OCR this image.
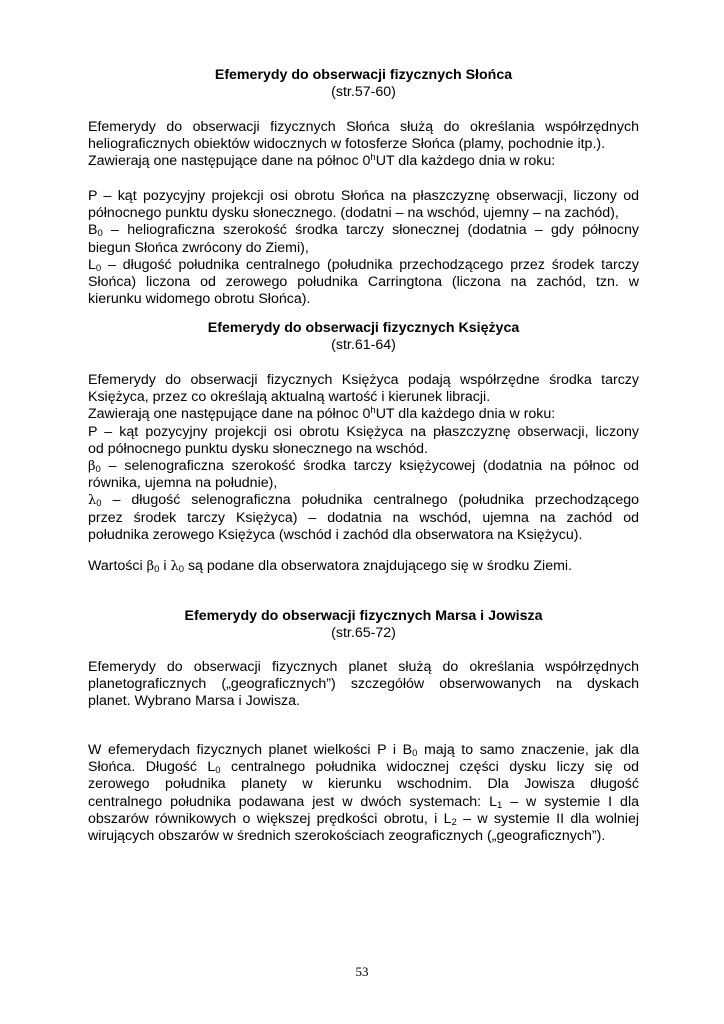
Efemerydy do obserwacji fizycznych Słońca
(str.57-60)
Efemerydy do obserwacji fizycznych Słońca służą do określania współrzędnych
heliograficznych obiektów widocznych w fotosferze Słońca (plamy, pochodnie itp.).
Zawierają one następujące dane na północ 0$^h$UT dla każdego dnia w roku:
P – kąt pozycyjny projekcji osi obrotu Słońca na płaszczyznę obserwacji, liczony od
północnego punktu dysku słonecznego. (dodatni – na wschód, ujemny – na zachód),
$B_0$ – heliograficzna szerokość środka tarczy słonecznej (dodatnia – gdy północny
biegun Słońca zwrócony do Ziemi),
$L_0$ – długość południka centralnego (południka przechodzącego przez środek tarczy
Słońca) liczona od zerowego południka Carringtona (liczona na zachód, tzn. w
kierunku widomego obrotu Słońca).
Efemerydy do obserwacji fizycznych Księżyca
(str.61-64)
Efemerydy do obserwacji fizycznych Księżyca podają współrzędne środka tarczy
Księżyca, przez co określają aktualną wartość i kierunek libracji.
Zawierają one następujące dane na północ 0$^h$UT dla każdego dnia w roku:
P – kąt pozycyjny projekcji osi obrotu Księżyca na płaszczyznę obserwacji, liczony
od północnego punktu dysku słonecznego na wschód.
$\beta_0$ – selenograficzna szerokość środka tarczy księżycowej (dodatnia na północ od
równika, ujemna na południe),
$\lambda_0$ – długość selenograficzna południka centralnego (południka przechodzącego
przez środek tarczy Księżyca) – dodatnia na wschód, ujemna na zachód od
południka zerowego Księżyca (wschód i zachód dla obserwatora na Księżycu).
Wartości $\beta_0$ i $\lambda_0$ są podane dla obserwatora znajdującego się w środku Ziemi.
Efemerydy do obserwacji fizycznych Marsa i Jowisza
(str.65-72)
Efemerydy do obserwacji fizycznych planet służą do określania współrzędnych
planetograficznych („geograficznych”) szczegółów obserwowanych na dyskach
planet. Wybrano Marsa i Jowisza.
W efemerydach fizycznych planet wielkości P i $B_0$ mają to samo znaczenie, jak dla
Słońca. Długość $L_0$ centralnego południka widocznej części dysku liczy się od
zerowego południka planety w kierunku wschodnim. Dla Jowisza długość
centralnego południka podawana jest w dwóch systemach: $L_1$ – w systemie I dla
obszarów równikowych o większej prędkości obrotu, i $L_2$ – w systemie II dla wolniej
wirujących obszarów w średnich szerokościach zeograficznych („geograficznych”).
53
